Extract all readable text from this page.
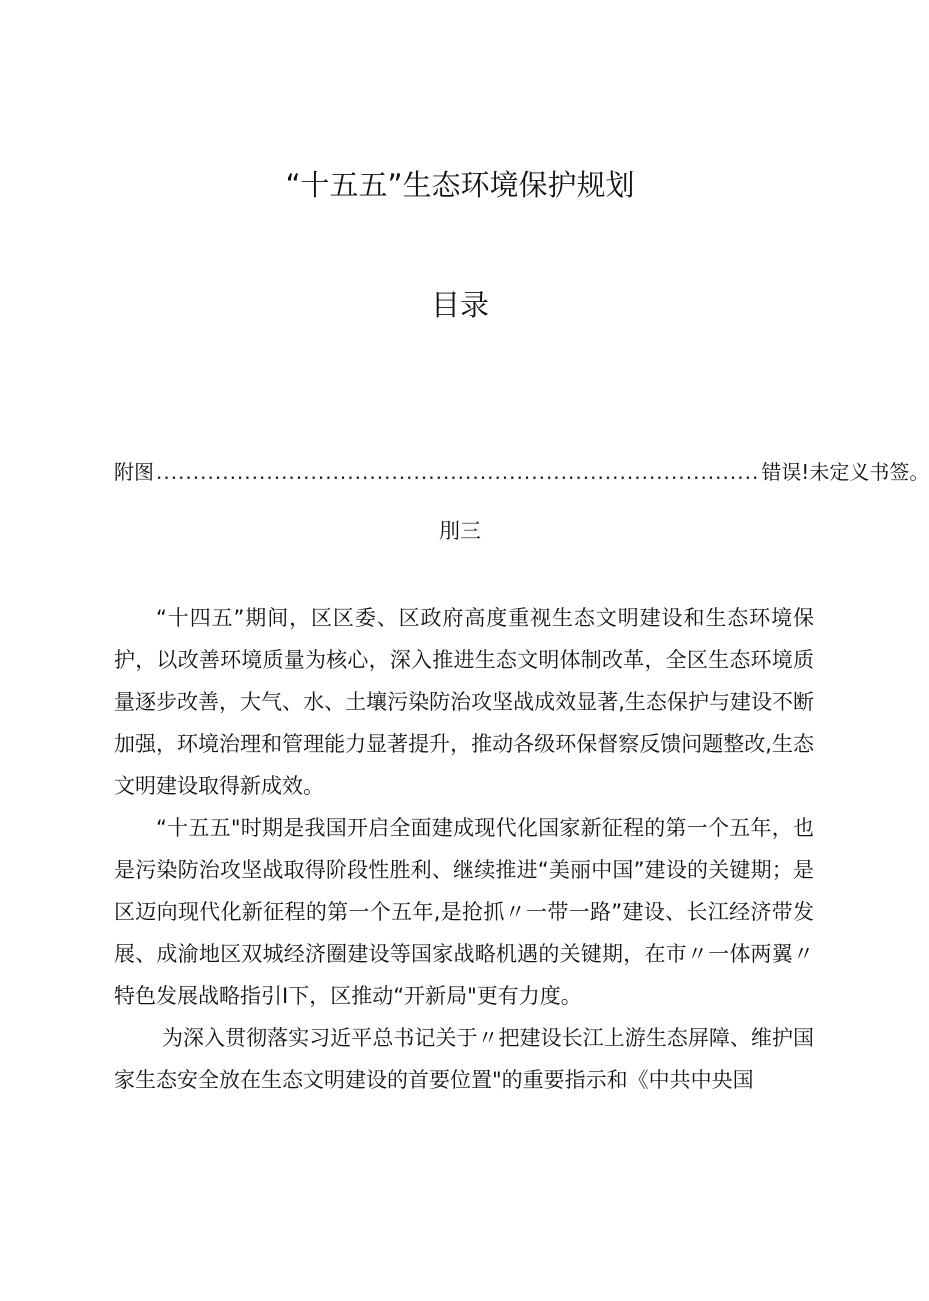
“十五五”生态环境保护规划
目录
附图 .................................................................................. 错误!未定义书签。
刖三

“十四五”期间，区区委、区政府高度重视生态文明建设和生态环境保护，以改善环境质量为核心，深入推进生态文明体制改革，全区生态环境质量逐步改善，大气、水、土壤污染防治攻坚战成效显著,生态保护与建设不断加强，环境治理和管理能力显著提升，推动各级环保督察反馈问题整改,生态文明建设取得新成效。

“十五五"时期是我国开启全面建成现代化国家新征程的第一个五年，也是污染防治攻坚战取得阶段性胜利、继续推进“美丽中国”建设的关键期；是区迈向现代化新征程的第一个五年,是抢抓〃一带一路”建设、长江经济带发展、成渝地区双城经济圈建设等国家战略机遇的关键期，在市〃一体两翼〃特色发展战略指引I下，区推动“开新局"更有力度。

为深入贯彻落实习近平总书记关于〃把建设长江上游生态屏障、维护国家生态安全放在生态文明建设的首要位置"的重要指示和《中共中央国
